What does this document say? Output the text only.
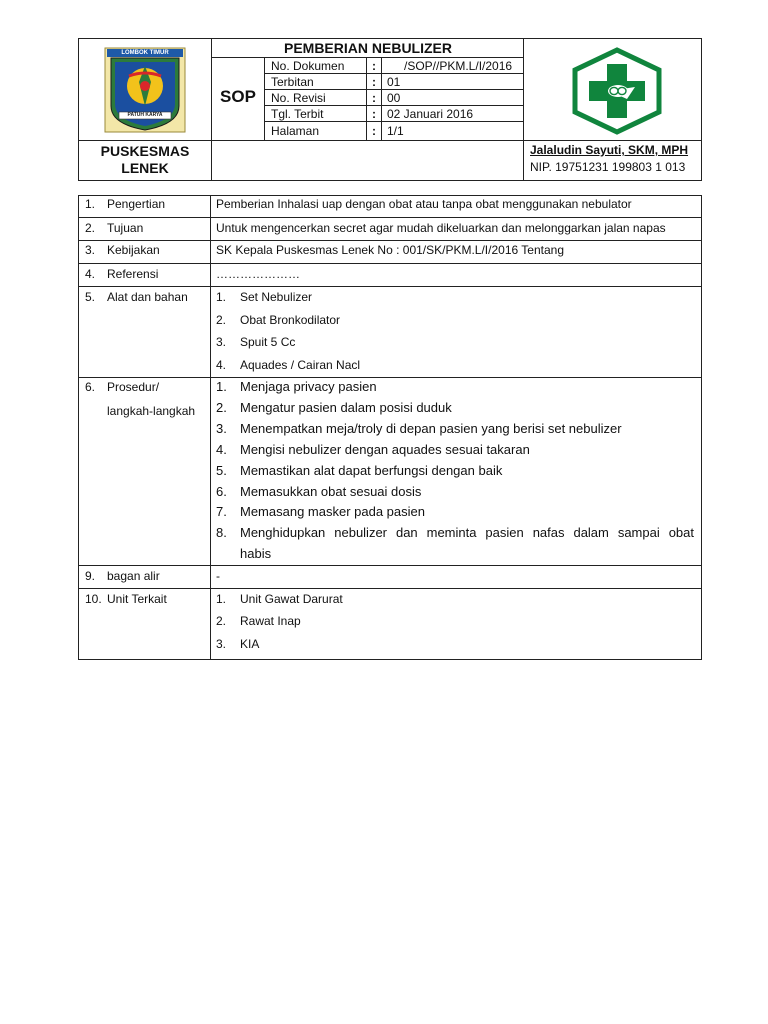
LOMBOK TIMUR
PATUH KARYA
PEMBERIAN NEBULIZER
SOP
No. Dokumen	:	/SOP//PKM.L/I/2016
Terbitan	: 01
No. Revisi	: 00
Tgl. Terbit	: 02 Januari 2016
Halaman	: 1/1
PUSKESMAS
LENEK
Jalaludin Sayuti, SKM, MPH
NIP. 19751231 199803 1 013
1. Pengertian	Pemberian Inhalasi uap dengan obat atau tanpa obat menggunakan nebulator
2. Tujuan	Untuk mengencerkan secret agar mudah dikeluarkan dan melonggarkan jalan napas
3. Kebijakan	SK Kepala Puskesmas Lenek No : 001/SK/PKM.L/I/2016 Tentang
4. Referensi	…………………
5. Alat dan bahan 1. Set Nebulizer
2. Obat Bronkodilator
3. Spuit 5 Cc
4. Aquades / Cairan Nacl
6. Prosedur/
langkah-langkah
1. Menjaga privacy pasien
2. Mengatur pasien dalam posisi duduk
3. Menempatkan meja/troly di depan pasien yang berisi set nebulizer
4. Mengisi nebulizer dengan aquades sesuai takaran
5. Memastikan alat dapat berfungsi dengan baik
6. Memasukkan obat sesuai dosis
7. Memasang masker pada pasien
8. Menghidupkan nebulizer dan meminta pasien nafas dalam sampai obat
habis
9. bagan alir	-
10. Unit Terkait	1. Unit Gawat Darurat
2. Rawat Inap
3. KIA
